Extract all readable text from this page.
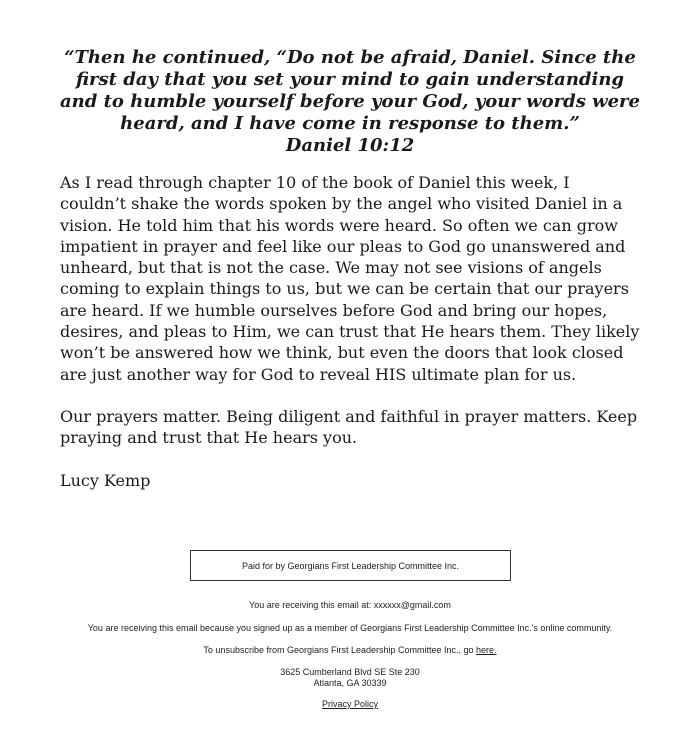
“Then he continued, “Do not be afraid, Daniel. Since the first day that you set your mind to gain understanding and to humble yourself before your God, your words were heard, and I have come in response to them.”

Daniel 10:12

As I read through chapter 10 of the book of Daniel this week, I couldn’t shake the words spoken by the angel who visited Daniel in a vision. He told him that his words were heard. So often we can grow impatient in prayer and feel like our pleas to God go unanswered and unheard, but that is not the case. We may not see visions of angels coming to explain things to us, but we can be certain that our prayers are heard. If we humble ourselves before God and bring our hopes, desires, and pleas to Him, we can trust that He hears them. They likely won’t be answered how we think, but even the doors that look closed are just another way for God to reveal HIS ultimate plan for us.

Our prayers matter. Being diligent and faithful in prayer matters. Keep praying and trust that He hears you.

Lucy Kemp

Paid for by Georgians First Leadership Committee Inc.
You are receiving this email at: xxxxxx@gmail.com
You are receiving this email because you signed up as a member of Georgians First Leadership Committee Inc.'s online community.
To unsubscribe from Georgians First Leadership Committee Inc., go here.
3625 Cumberland Blvd SE Ste 230
Atlanta, GA 30339
Privacy Policy
